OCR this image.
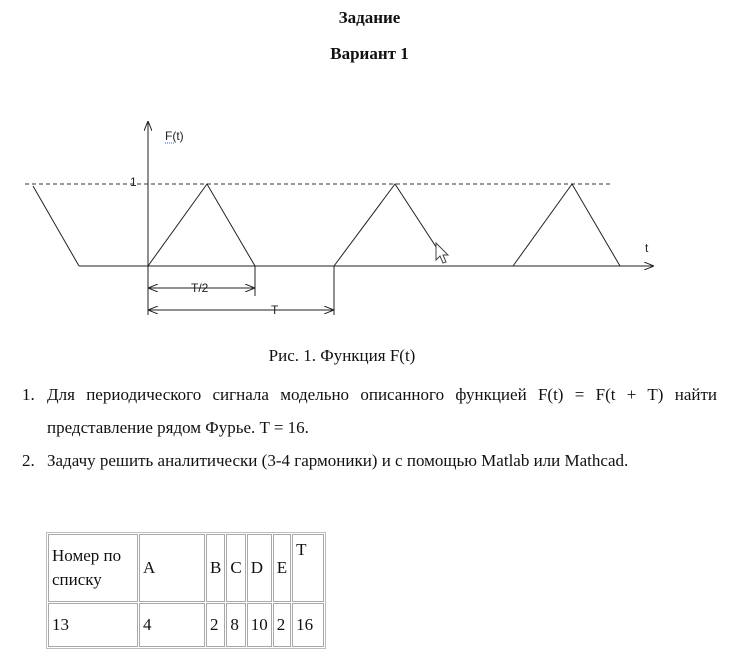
Задание
Вариант 1
F(t)
t
1
T/2
T
Рис. 1. Функция F(t)
1. Для периодического сигнала модельно описанного функцией F(t) = F(t + T) найти представление рядом Фурье. T = 16.
2. Задачу решить аналитически (3-4 гармоники) и с помощью Matlab или Mathcad.
Номер по списку	A	B	C	D	E	T
13	4	2	8	10	2	16
